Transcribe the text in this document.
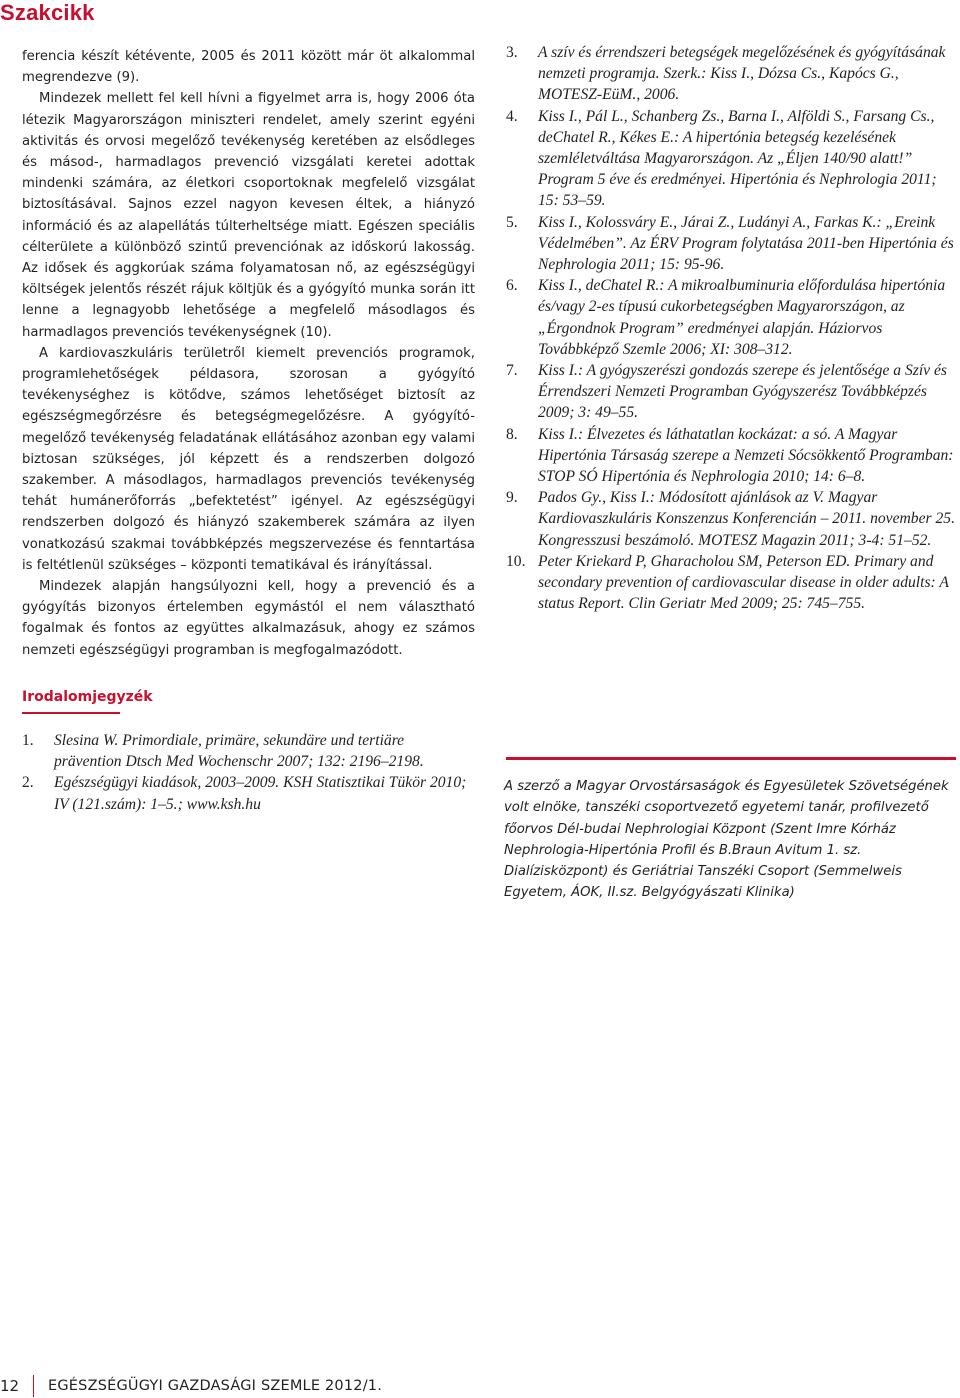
Szakcikk

ferencia készít kétévente, 2005 és 2011 között már öt alkalommal megrendezve (9).

Mindezek mellett fel kell hívni a figyelmet arra is, hogy 2006 óta létezik Magyarországon miniszteri rendelet, amely szerint egyéni aktivitás és orvosi megelőző tevékenység keretében az elsődleges és másod-, harmadlagos prevenció vizsgálati keretei adottak mindenki számára, az életkori csoportoknak megfelelő vizsgálat biztosításával. Sajnos ezzel nagyon kevesen éltek, a hiányzó információ és az alapellátás túlterheltsége miatt. Egészen speciális célterülete a különböző szintű prevenciónak az időskorú lakosság. Az idősek és aggkorúak száma folyamatosan nő, az egészségügyi költségek jelentős részét rájuk költjük és a gyógyító munka során itt lenne a legnagyobb lehetősége a megfelelő másodlagos és harmadlagos prevenciós tevékenységnek (10).

A kardiovaszkuláris területről kiemelt prevenciós programok, programlehetőségek példasora, szorosan a gyógyító tevékenységhez is kötődve, számos lehetőséget biztosít az egészségmegőrzésre és betegségmegelőzésre. A gyógyító-megelőző tevékenység feladatának ellátásához azonban egy valami biztosan szükséges, jól képzett és a rendszerben dolgozó szakember. A másodlagos, harmadlagos prevenciós tevékenység tehát humánerőforrás „befektetést” igényel. Az egészségügyi rendszerben dolgozó és hiányzó szakemberek számára az ilyen vonatkozású szakmai továbbképzés megszervezése és fenntartása is feltétlenül szükséges – központi tematikával és irányítással.

Mindezek alapján hangsúlyozni kell, hogy a prevenció és a gyógyítás bizonyos értelemben egymástól el nem választható fogalmak és fontos az együttes alkalmazásuk, ahogy ez számos nemzeti egészségügyi programban is megfogalmazódott.

Irodalomjegyzék
1.	Slesina W. Primordiale, primäre, sekundäre und tertiäre prävention Dtsch Med Wochenschr 2007; 132: 2196–2198.
2.	Egészségügyi kiadások, 2003–2009. KSH Statisztikai Tükör 2010; IV (121.szám): 1–5.; www.ksh.hu
3.	A szív és érrendszeri betegségek megelőzésének és gyógyításának nemzeti programja. Szerk.: Kiss I., Dózsa Cs., Kapócs G., MOTESZ-EüM., 2006.
4.	Kiss I., Pál L., Schanberg Zs., Barna I., Alföldi S., Farsang Cs., deChatel R., Kékes E.: A hipertónia betegség kezelésének szemléletváltása Magyarországon. Az „Éljen 140/90 alatt!” Program 5 éve és eredményei. Hipertónia és Nephrologia 2011; 15: 53–59.
5.	Kiss I., Kolossváry E., Járai Z., Ludányi A., Farkas K.: „Ereink Védelmében”. Az ÉRV Program folytatása 2011-ben Hipertónia és Nephrologia 2011; 15: 95-96.
6.	Kiss I., deChatel R.: A mikroalbuminuria előfordulása hipertónia és/vagy 2-es típusú cukorbetegségben Magyarországon, az „Érgondnok Program” eredményei alapján. Háziorvos Továbbképző Szemle 2006; XI: 308–312.
7.	Kiss I.: A gyógyszerészi gondozás szerepe és jelentősége a Szív és Érrendszeri Nemzeti Programban Gyógyszerész Továbbképzés 2009; 3: 49–55.
8.	Kiss I.: Élvezetes és láthatatlan kockázat: a só. A Magyar Hipertónia Társaság szerepe a Nemzeti Sócsökkentő Programban: STOP SÓ Hipertónia és Nephrologia 2010; 14: 6–8.
9.	Pados Gy., Kiss I.: Módosított ajánlások az V. Magyar Kardiovaszkuláris Konszenzus Konferencián – 2011. november 25. Kongresszusi beszámoló. MOTESZ Magazin 2011; 3-4: 51–52.
10. Peter Kriekard P, Gharacholou SM, Peterson ED. Primary and secondary prevention of cardiovascular disease in older adults: A status Report. Clin Geriatr Med 2009; 25: 745–755.
A szerző a Magyar Orvostársaságok és Egyesületek Szövetségének volt elnöke, tanszéki csoportvezető egyetemi tanár, profilvezető főorvos Dél-budai Nephrologiai Központ (Szent Imre Kórház Nephrologia-Hipertónia Profil és B.Braun Avitum 1. sz. Dialízisközpont) és Geriátriai Tanszéki Csoport (Semmelweis Egyetem, ÁOK, II.sz. Belgyógyászati Klinika)
12	EGÉSZSÉGÜGYI GAZDASÁGI SZEMLE 2012/1.
